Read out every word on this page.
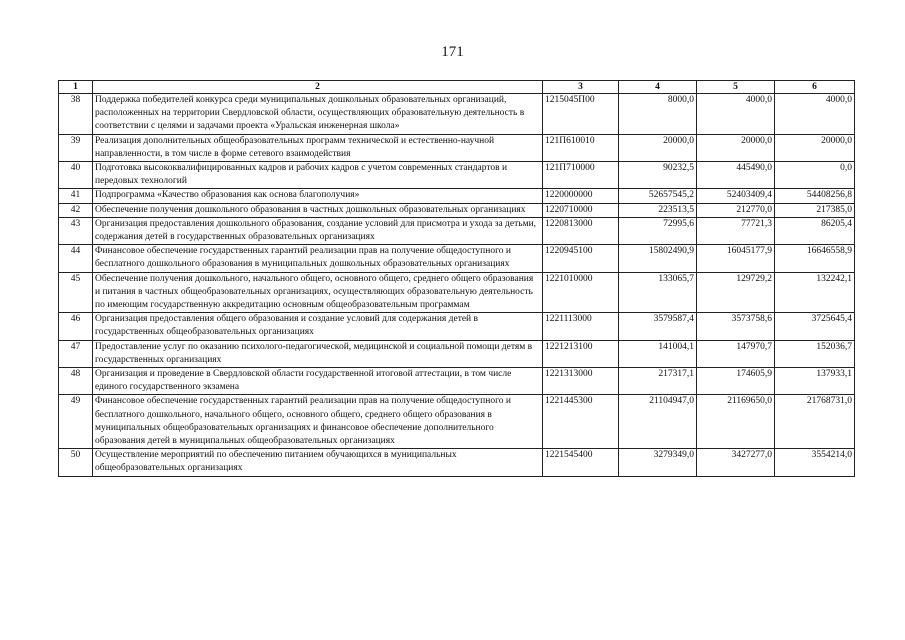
171
1	2	3	4	5	6
38	Поддержка победителей конкурса среди муниципальных дошкольных образовательных организаций, расположенных на территории Свердловской области, осуществляющих образовательную деятельность в соответствии с целями и задачами проекта «Уральская инженерная школа»	1215045П00	8000,0	4000,0	4000,0
39	Реализация дополнительных общеобразовательных программ технической и естественно-научной направленности, в том числе в форме сетевого взаимодействия	121П610010	20000,0	20000,0	20000,0
40	Подготовка высококвалифицированных кадров и рабочих кадров с учетом современных стандартов и передовых технологий	121П710000	90232,5	445490,0	0,0
41	Подпрограмма «Качество образования как основа благополучия»	1220000000	52657545,2	52403409,4	54408256,8
42	Обеспечение получения дошкольного образования в частных дошкольных образовательных организациях	1220710000	223513,5	212770,0	217385,0
43	Организация предоставления дошкольного образования, создание условий для присмотра и ухода за детьми, содержания детей в государственных образовательных организациях	1220813000	72995,6	77721,3	86205,4
44	Финансовое обеспечение государственных гарантий реализации прав на получение общедоступного и бесплатного дошкольного образования в муниципальных дошкольных образовательных организациях	1220945100	15802490,9	16045177,9	16646558,9
45	Обеспечение получения дошкольного, начального общего, основного общего, среднего общего образования и питания в частных общеобразовательных организациях, осуществляющих образовательную деятельность по имеющим государственную аккредитацию основным общеобразовательным программам	1221010000	133065,7	129729,2	132242,1
46	Организация предоставления общего образования и создание условий для содержания детей в государственных общеобразовательных организациях	1221113000	3579587,4	3573758,6	3725645,4
47	Предоставление услуг по оказанию психолого-педагогической, медицинской и социальной помощи детям в государственных организациях	1221213100	141004,1	147970,7	152036,7
48	Организация и проведение в Свердловской области государственной итоговой аттестации, в том числе единого государственного экзамена	1221313000	217317,1	174605,9	137933,1
49	Финансовое обеспечение государственных гарантий реализации прав на получение общедоступного и бесплатного дошкольного, начального общего, основного общего, среднего общего образования в муниципальных общеобразовательных организациях и финансовое обеспечение дополнительного образования детей в муниципальных общеобразовательных организациях	1221445300	21104947,0	21169650,0	21768731,0
50	Осуществление мероприятий по обеспечению питанием обучающихся в муниципальных общеобразовательных организациях	1221545400	3279349,0	3427277,0	3554214,0
